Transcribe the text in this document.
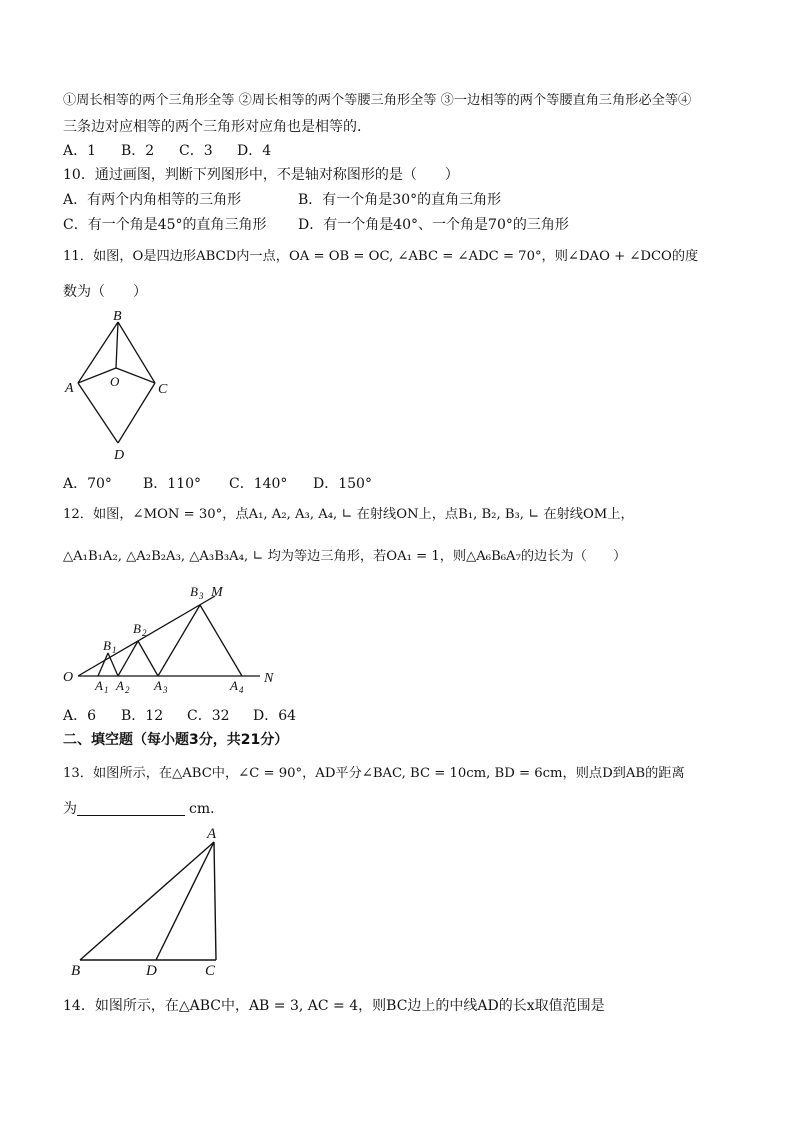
①周长相等的两个三角形全等 ②周长相等的两个等腰三角形全等 ③一边相等的两个等腰直角三角形必全等④
三条边对应相等的两个三角形对应角也是相等的.
A．1 B．2 C．3 D．4
10．通过画图，判断下列图形中，不是轴对称图形的是（　　）
A．有两个内角相等的三角形	B．有一个角是30°的直角三角形
C．有一个角是45°的直角三角形 D．有一个角是40°、一个角是70°的三角形
11．如图，O是四边形ABCD内一点，OA = OB = OC, ∠ABC = ∠ADC = 70°，则∠DAO + ∠DCO的度
数为（　　）
B
A	O
C
D
A．70° B．110° C．140° D．150°
12．如图，∠MON = 30°，点A₁, A₂, A₃, A₄, ∟ 在射线ON上，点B₁, B₂, B₃, ∟ 在射线OM上，
△A₁B₁A₂, △A₂B₂A₃, △A₃B₃A₄, ∟ 均为等边三角形，若OA₁ = 1，则△A₆B₆A₇的边长为（　　）
O	N
M
A 1 A 2 A 3	A 4
B 1
B 2
B 3
A．6 B．12 C．32 D．64
二、填空题（每小题3分，共21分）
13．如图所示，在△ABC中，∠C = 90°，AD平分∠BAC, BC = 10cm, BD = 6cm，则点D到AB的距离
为	cm．
A
B	D	C
14．如图所示，在△ABC中，AB = 3, AC = 4，则BC边上的中线AD的长x取值范围是
